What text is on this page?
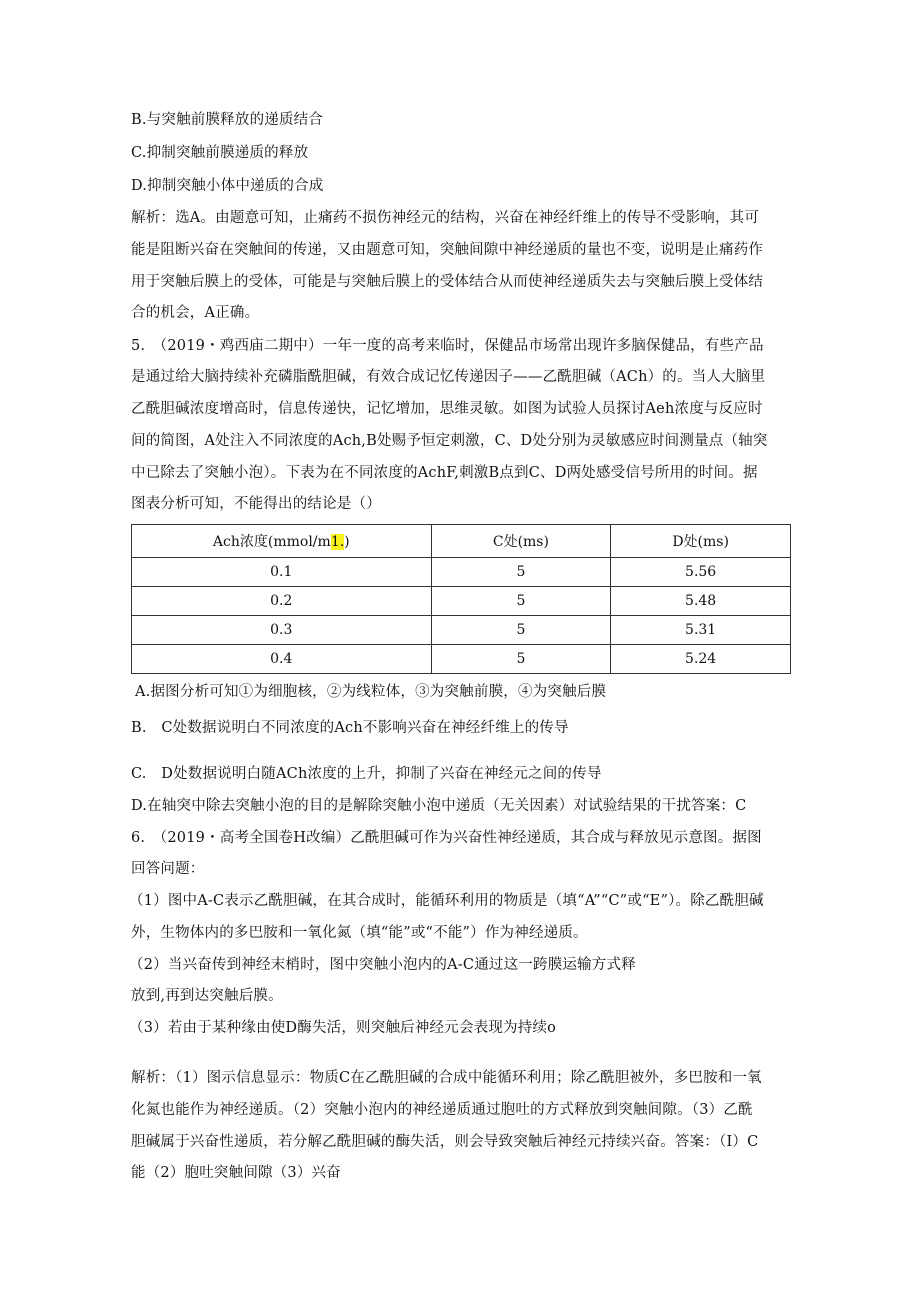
B.与突触前膜释放的递质结合
C.抑制突触前膜递质的释放
D.抑制突触小体中递质的合成
解析：选A。由题意可知，止痛药不损伤神经元的结构，兴奋在神经纤维上的传导不受影响，其可
能是阻断兴奋在突触间的传递，又由题意可知，突触间隙中神经递质的量也不变，说明是止痛药作
用于突触后膜上的受体，可能是与突触后膜上的受体结合从而使神经递质失去与突触后膜上受体结
合的机会，A正确。
5.　（2019・鸡西庙二期中）一年一度的高考来临时，保健品市场常出现许多脑保健品，有些产品
是通过给大脑持续补充磷脂酰胆碱，有效合成记忆传递因子——乙酰胆碱（ACh）的。当人大脑里
乙酰胆碱浓度增高时，信息传递快，记忆增加，思维灵敏。如图为试验人员探讨Aeh浓度与反应时
间的简图，A处注入不同浓度的Ach,B处赐予恒定刺激，C、D处分别为灵敏感应时间测量点（轴突
中已除去了突触小泡）。下表为在不同浓度的AchF,刺激B点到C、D两处感受信号所用的时间。据
图表分析可知，不能得出的结论是（）
Ach浓度(mmol/m1.)	C处(ms)	D处(ms)
0.1	5	5.56
0.2	5	5.48
0.3	5	5.31
0.4	5	5.24
A.据图分析可知①为细胞核，②为线粒体，③为突触前膜，④为突触后膜
B.　C处数据说明白不同浓度的Ach不影响兴奋在神经纤维上的传导
C.　D处数据说明白随ACh浓度的上升，抑制了兴奋在神经元之间的传导
D.在轴突中除去突触小泡的目的是解除突触小泡中递质（无关因素）对试验结果的干扰答案：C
6.　（2019・高考全国卷H改编）乙酰胆碱可作为兴奋性神经递质，其合成与释放见示意图。据图
回答问题：
（1）图中A-C表示乙酰胆碱，在其合成时，能循环利用的物质是（填“A”“C”或“E”）。除乙酰胆碱
外，生物体内的多巴胺和一氧化氮（填“能”或“不能”）作为神经递质。
（2）当兴奋传到神经末梢时，图中突触小泡内的A-C通过这一跨膜运输方式释
放到,再到达突触后膜。
（3）若由于某种缘由使D酶失活，则突触后神经元会表现为持续o
解析：（1）图示信息显示：物质C在乙酰胆碱的合成中能循环利用；除乙酰胆被外，多巴胺和一氧
化氮也能作为神经递质。（2）突触小泡内的神经递质通过胞吐的方式释放到突触间隙。（3）乙酰
胆碱属于兴奋性递质，若分解乙酰胆碱的酶失活，则会导致突触后神经元持续兴奋。答案：（I）C
能（2）胞吐突触间隙（3）兴奋
